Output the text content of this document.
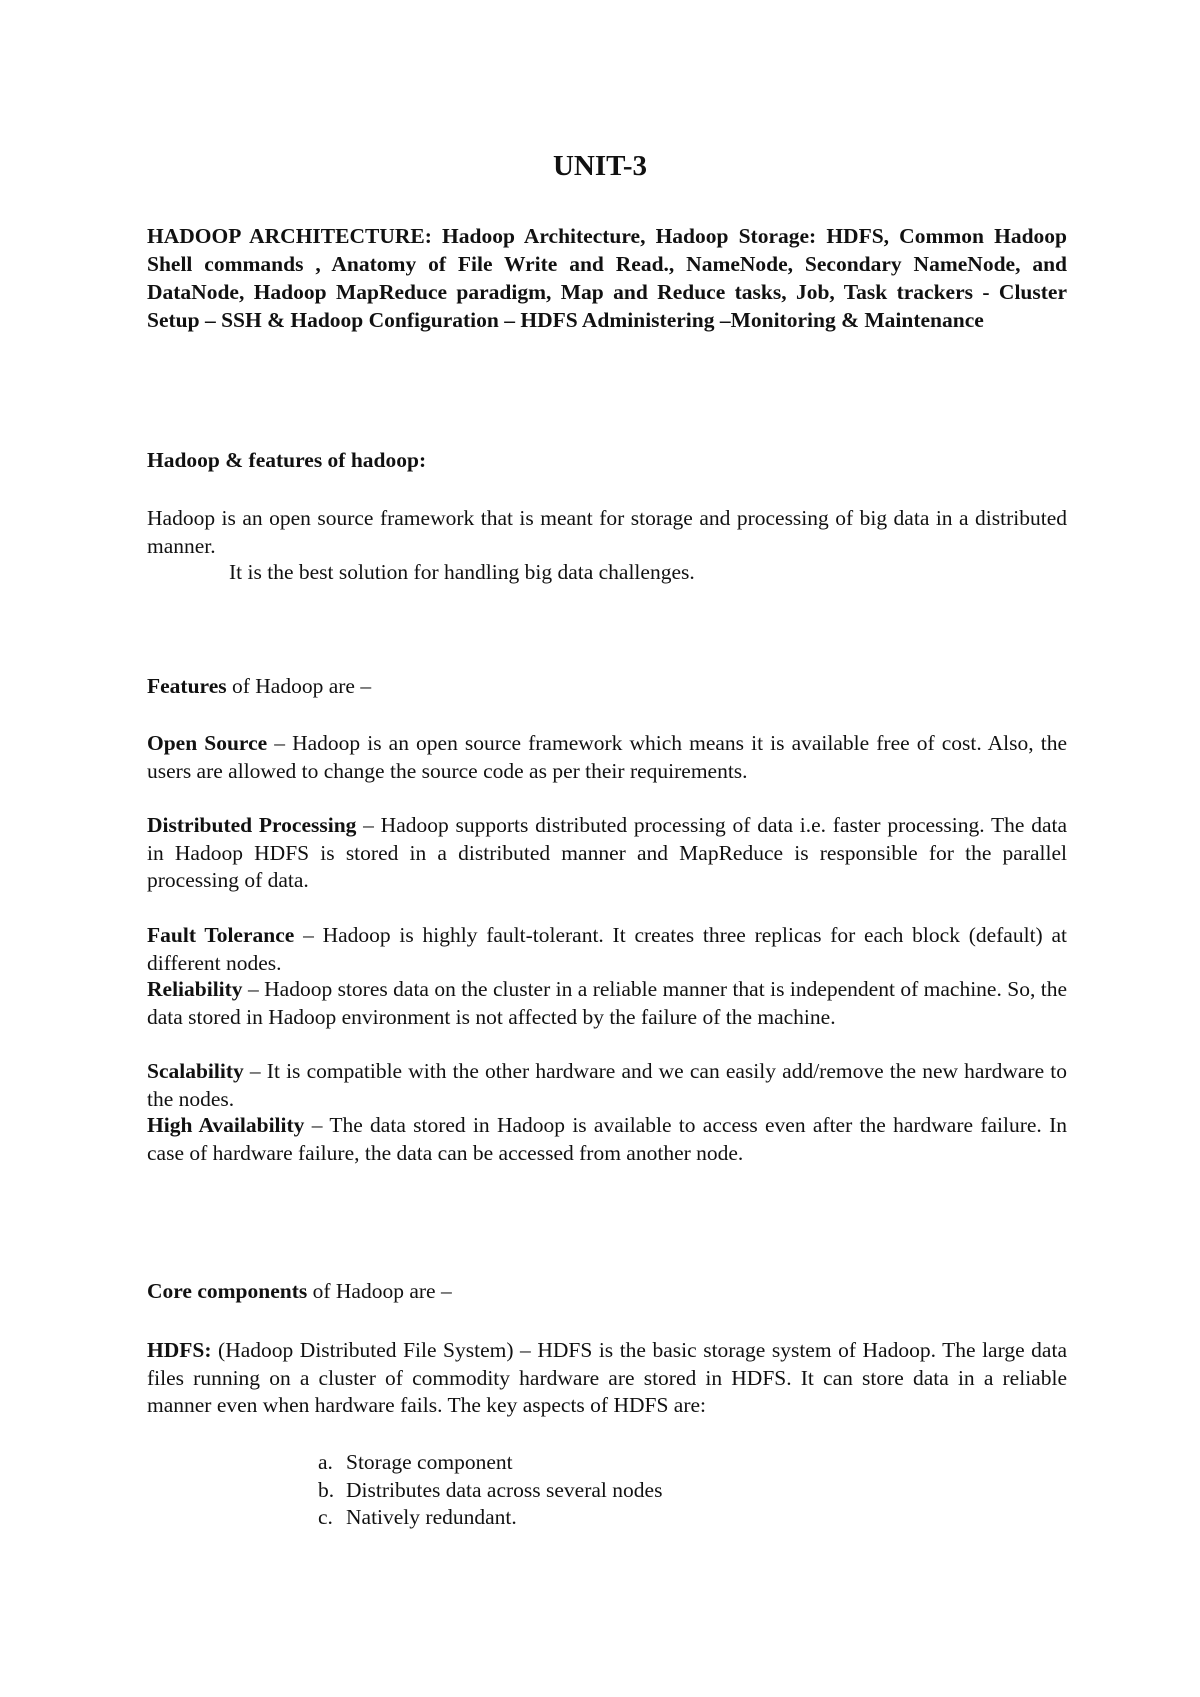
UNIT-3
HADOOP ARCHITECTURE: Hadoop Architecture, Hadoop Storage: HDFS, Common Hadoop Shell commands , Anatomy of File Write and Read., NameNode, Secondary NameNode, and DataNode, Hadoop MapReduce paradigm, Map and Reduce tasks, Job, Task trackers - Cluster Setup – SSH & Hadoop Configuration – HDFS Administering –Monitoring & Maintenance
Hadoop & features of hadoop:
Hadoop is an open source framework that is meant for storage and processing of big data in a distributed manner.
It is the best solution for handling big data challenges.
Features of Hadoop are –
Open Source – Hadoop is an open source framework which means it is available free of cost. Also, the users are allowed to change the source code as per their requirements.
Distributed Processing – Hadoop supports distributed processing of data i.e. faster processing. The data in Hadoop HDFS is stored in a distributed manner and MapReduce is responsible for the parallel processing of data.
Fault Tolerance – Hadoop is highly fault-tolerant. It creates three replicas for each block (default) at different nodes.
Reliability – Hadoop stores data on the cluster in a reliable manner that is independent of machine. So, the data stored in Hadoop environment is not affected by the failure of the machine.
Scalability – It is compatible with the other hardware and we can easily add/remove the new hardware to the nodes.
High Availability – The data stored in Hadoop is available to access even after the hardware failure. In case of hardware failure, the data can be accessed from another node.
Core components of Hadoop are –
HDFS: (Hadoop Distributed File System) – HDFS is the basic storage system of Hadoop. The large data files running on a cluster of commodity hardware are stored in HDFS. It can store data in a reliable manner even when hardware fails. The key aspects of HDFS are:
a. Storage component
b. Distributes data across several nodes
c. Natively redundant.
